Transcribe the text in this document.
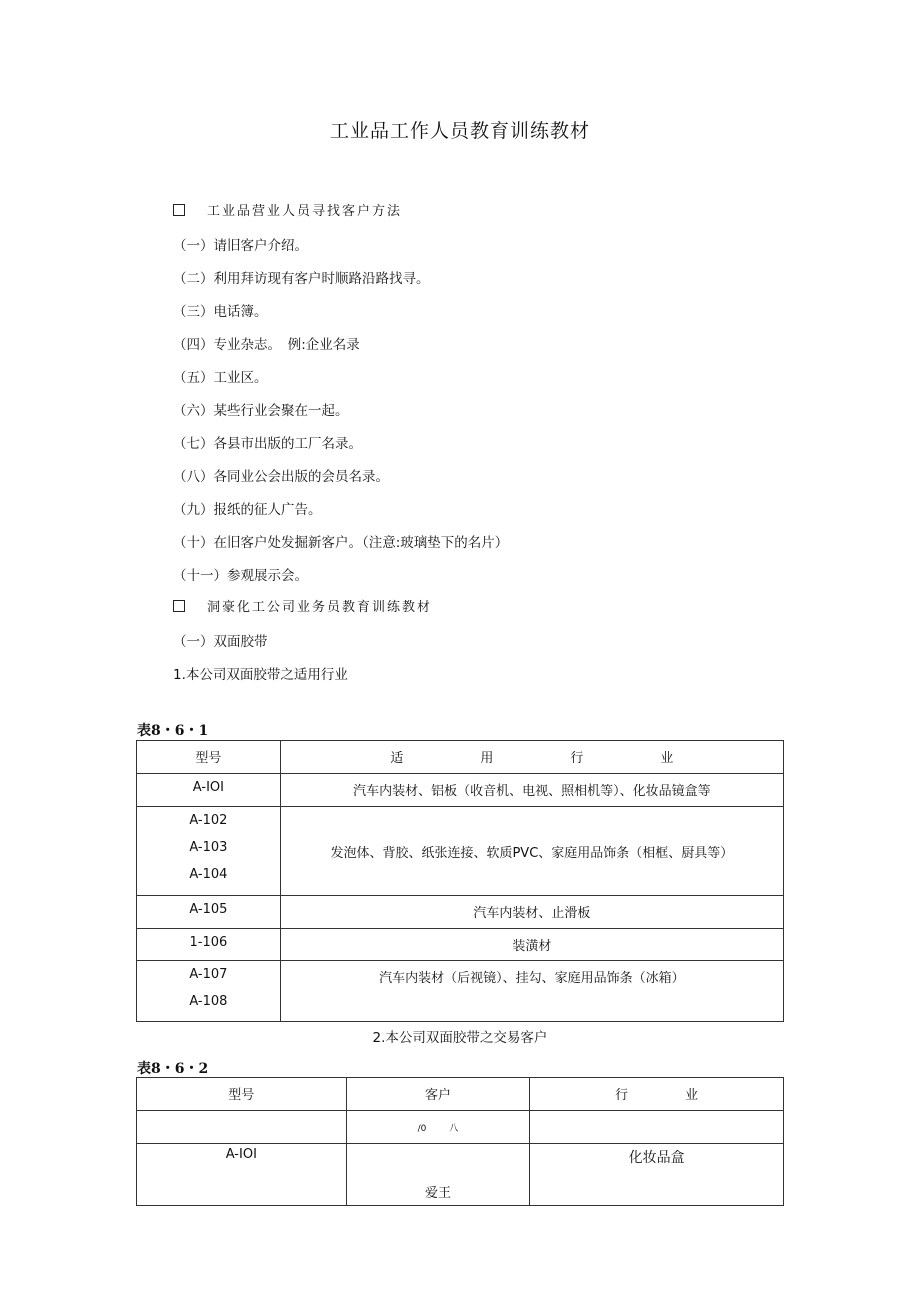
工业品工作人员教育训练教材
工业品营业人员寻找客户方法
（一）请旧客户介绍。
（二）利用拜访现有客户时顺路沿路找寻。
（三）电话簿。
（四）专业杂志。　例:企业名录
（五）工业区。
（六）某些行业会聚在一起。
（七）各县市出版的工厂名录。
（八）各同业公会出版的会员名录。
（九）报纸的征人广告。
（十）在旧客户处发掘新客户。（注意:玻璃垫下的名片）
（十一）参观展示会。
洞豪化工公司业务员教育训练教材
（一）双面胶带
1.本公司双面胶带之适用行业
表8・6・1
型号	适 用 行 业
A-IOI	汽车内装材、铝板（收音机、电视、照相机等）、化妆品镜盒等

A-102
A-103
A-104	发泡体、背胶、纸张连接、软质PVC、家庭用品饰条（相框、厨具等）
A-105	汽车内装材、止滑板
1-106	装潢材

A-107
A-108	汽车内装材（后视镜）、挂勾、家庭用品饰条（冰箱）
2.本公司双面胶带之交易客户
表8・6・2
型号	客户	行 业
	/0 八	
A-IOI	爱王	化妆品盒
